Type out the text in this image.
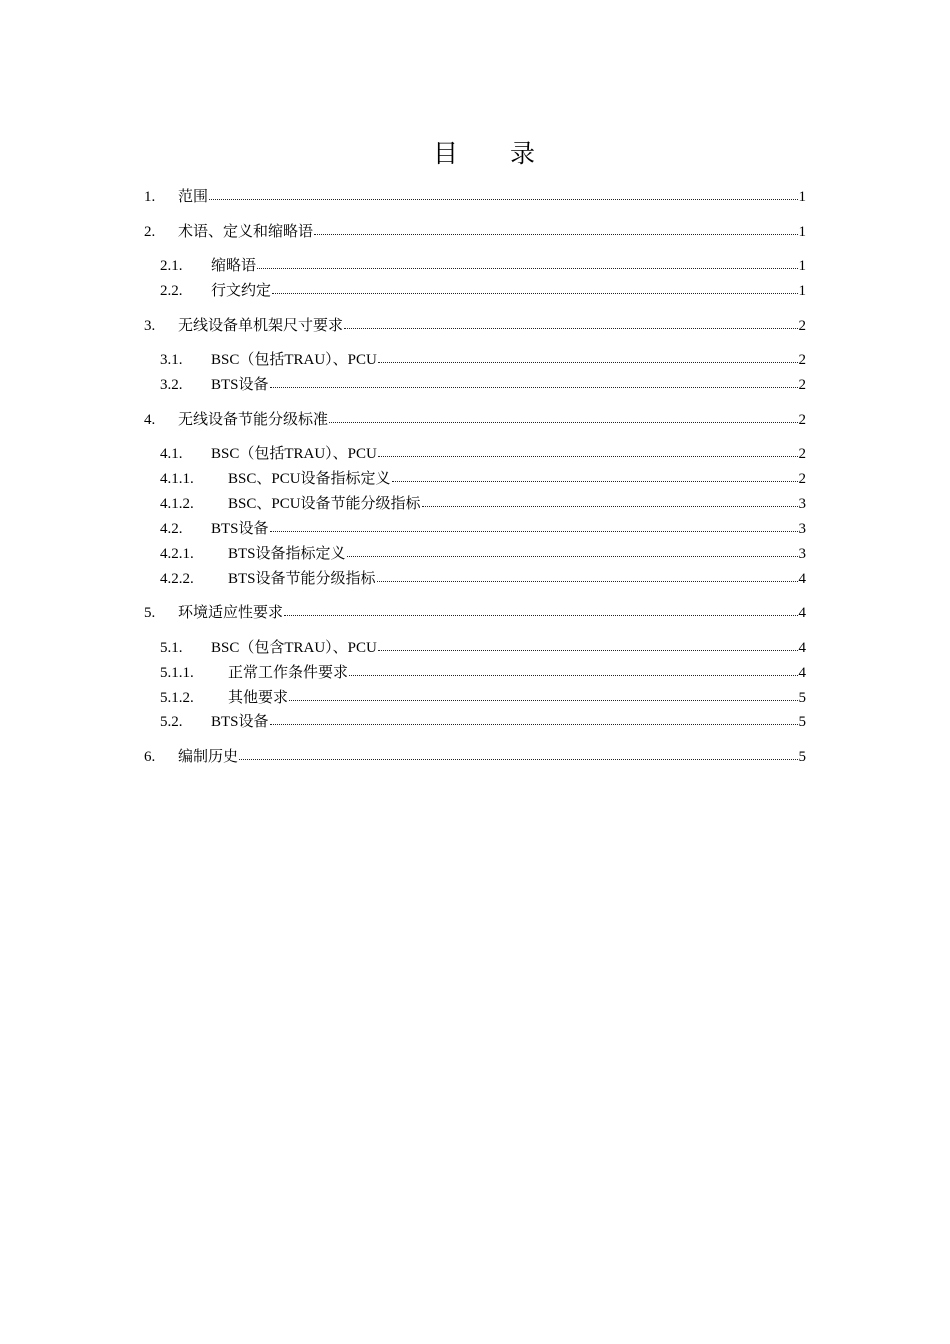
目 录
1.	范围	1
2.	术语、定义和缩略语	1
2.1.	缩略语	1
2.2.	行文约定	1
3.	无线设备单机架尺寸要求	2
3.1.	BSC（包括TRAU）、PCU	2
3.2.	BTS设备	2
4.	无线设备节能分级标准	2
4.1.	BSC（包括TRAU）、PCU	2
4.1.1.	BSC、PCU设备指标定义	2
4.1.2.	BSC、PCU设备节能分级指标	3
4.2.	BTS设备	3
4.2.1.	BTS设备指标定义	3
4.2.2.	BTS设备节能分级指标	4
5.	环境适应性要求	4
5.1.	BSC（包含TRAU）、PCU	4
5.1.1.	正常工作条件要求	4
5.1.2.	其他要求	5
5.2.	BTS设备	5
6.	编制历史	5
